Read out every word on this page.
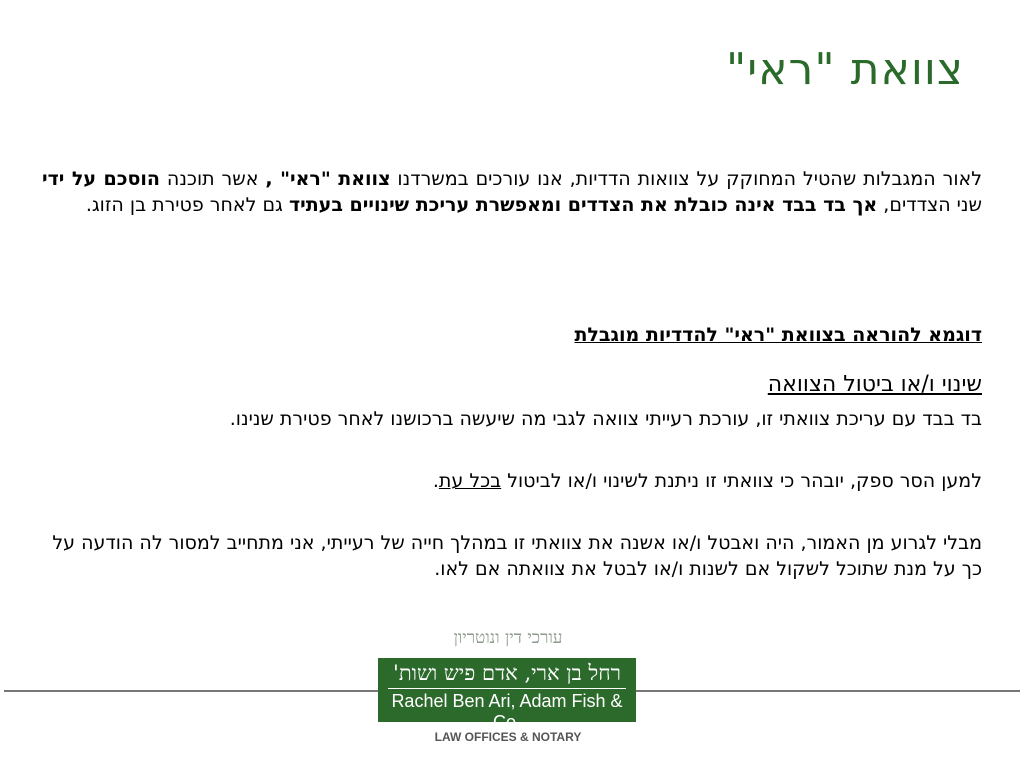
צוואת "ראי"

לאור המגבלות שהטיל המחוקק על צוואות הדדיות, אנו עורכים במשרדנו צוואת "ראי" , אשר תוכנה הוסכם על ידי שני הצדדים, אך בד בבד אינה כובלת את הצדדים ומאפשרת עריכת שינויים בעתיד גם לאחר פטירת בן הזוג.

דוגמא להוראה בצוואת "ראי" להדדיות מוגבלת

שינוי ו/או ביטול הצוואה

בד בבד עם עריכת צוואתי זו, עורכת רעייתי צוואה לגבי מה שיעשה ברכושנו לאחר פטירת שנינו.

למען הסר ספק, יובהר כי צוואתי זו ניתנת לשינוי ו/או לביטול בכל עת.

מבלי לגרוע מן האמור, היה ואבטל ו/או אשנה את צוואתי זו במהלך חייה של רעייתי, אני מתחייב למסור לה הודעה על כך על מנת שתוכל לשקול אם לשנות ו/או לבטל את צוואתה אם לאו.

עורכי דין ונוטריון
רחל בן ארי, אדם פיש ושות'
Rachel Ben Ari, Adam Fish & Co.
LAW OFFICES & NOTARY
